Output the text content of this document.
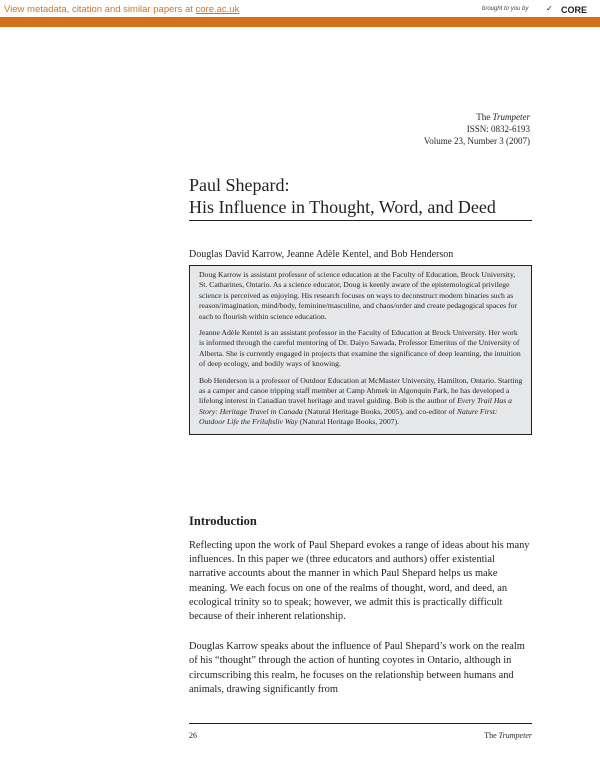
View metadata, citation and similar papers at core.ac.uk	brought to you by ✓ CORE
provided by The Trumpeter - Journal of Ecosophy (Athabasca University)
The Trumpeter
ISSN: 0832-6193
Volume 23, Number 3 (2007)
Paul Shepard:
His Influence in Thought, Word, and Deed
Douglas David Karrow, Jeanne Adèle Kentel, and Bob Henderson

Doug Karrow is assistant professor of science education at the Faculty of Education, Brock University, St. Catharines, Ontario. As a science educator, Doug is keenly aware of the epistemological privilege science is perceived as enjoying. His research focuses on ways to deconstruct modern binaries such as reason/imagination, mind/body, feminine/masculine, and chaos/order and create pedagogical spaces for each to flourish within science education.

Jeanne Adèle Kentel is an assistant professor in the Faculty of Education at Brock University. Her work is informed through the careful mentoring of Dr. Daiyo Sawada, Professor Emeritus of the University of Alberta. She is currently engaged in projects that examine the significance of deep learning, the intuition of deep ecology, and bodily ways of knowing.

Bob Henderson is a professor of Outdoor Education at McMaster University, Hamilton, Ontario. Starting as a camper and canoe tripping staff member at Camp Ahmek in Algonquin Park, he has developed a lifelong interest in Canadian travel heritage and travel guiding. Bob is the author of Every Trail Has a Story: Heritage Travel in Canada (Natural Heritage Books, 2005), and co-editor of Nature First: Outdoor Life the Friluftsliv Way (Natural Heritage Books, 2007).

Introduction

Reflecting upon the work of Paul Shepard evokes a range of ideas about his many influences. In this paper we (three educators and authors) offer existential narrative accounts about the manner in which Paul Shepard helps us make meaning. We each focus on one of the realms of thought, word, and deed, an ecological trinity so to speak; however, we admit this is practically difficult because of their inherent relationship.

Douglas Karrow speaks about the influence of Paul Shepard’s work on the realm of his “thought” through the action of hunting coyotes in Ontario, although in circumscribing this realm, he focuses on the relationship between humans and animals, drawing significantly from

26	The Trumpeter
